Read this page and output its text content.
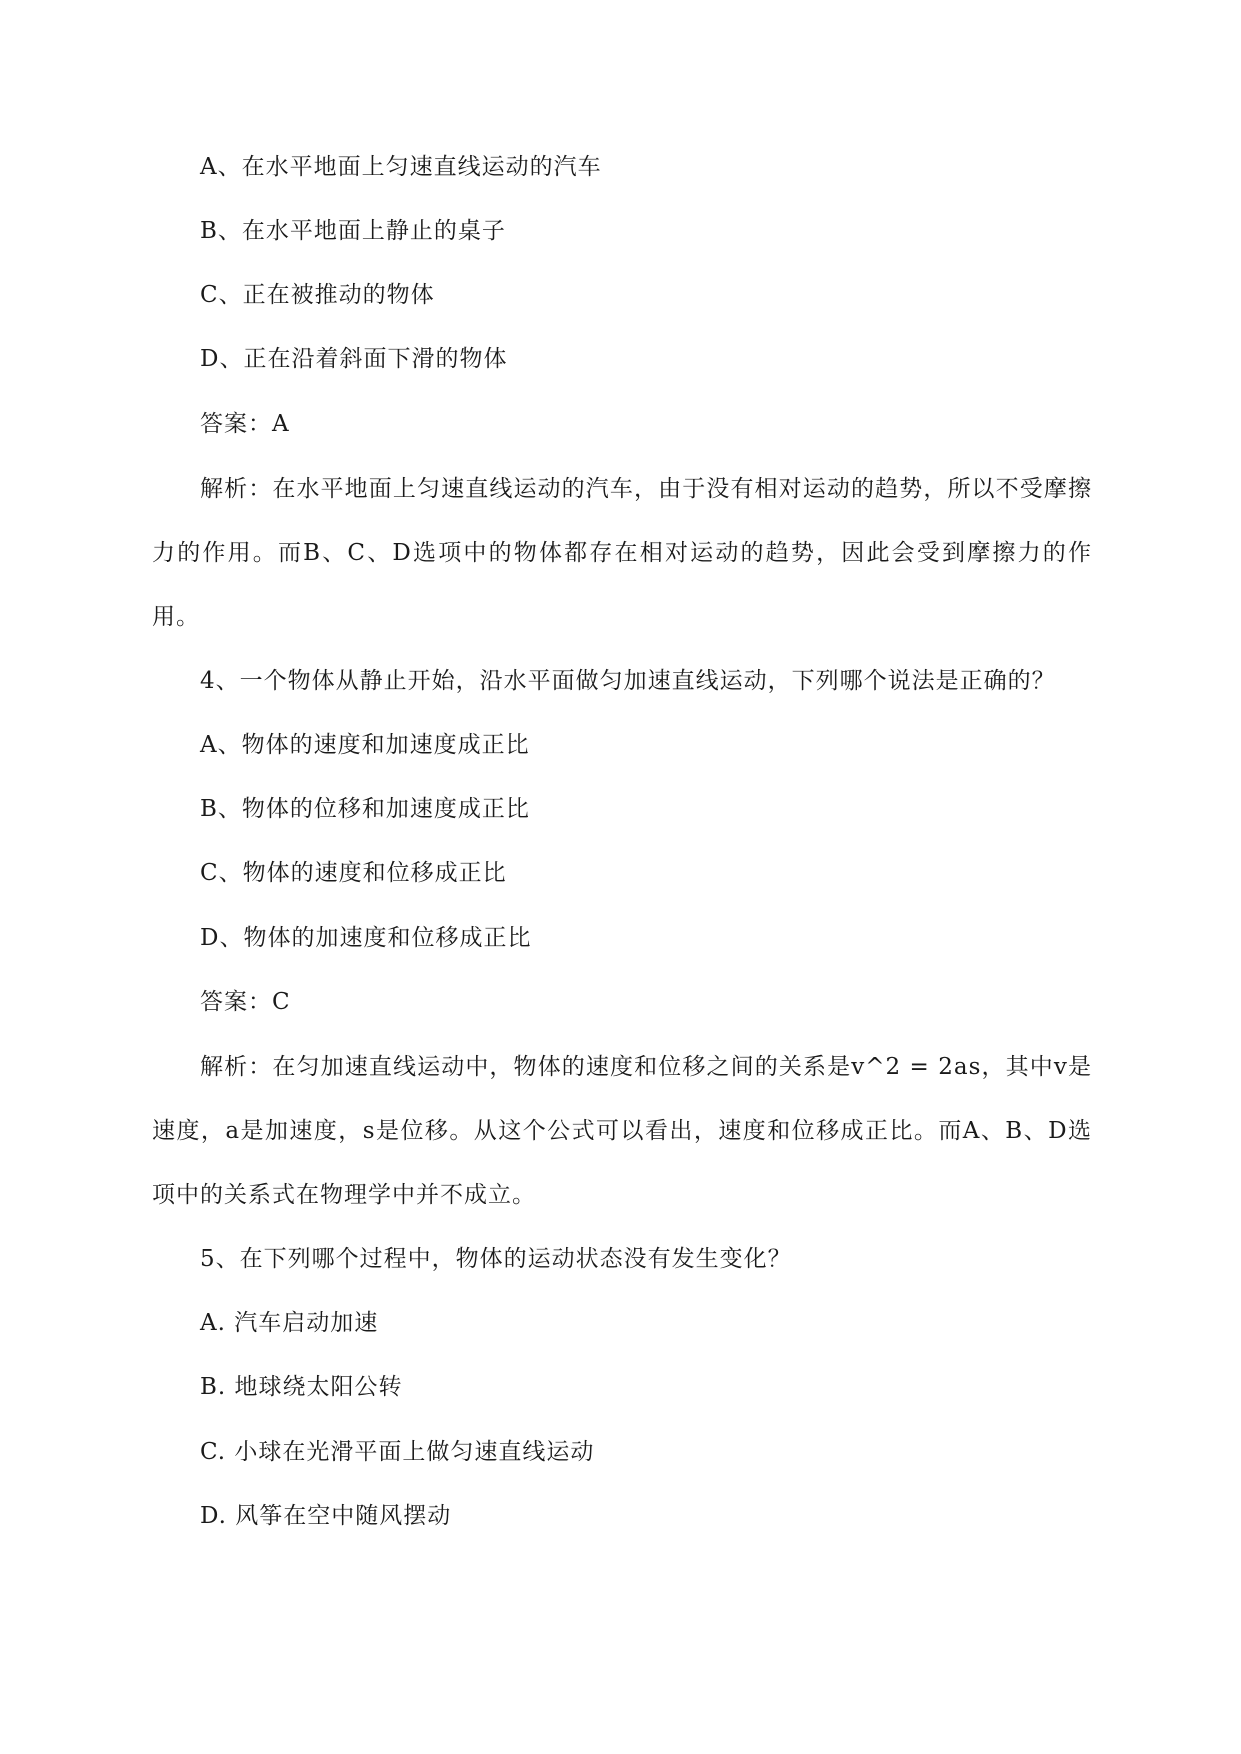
A、在水平地面上匀速直线运动的汽车
B、在水平地面上静止的桌子
C、正在被推动的物体
D、正在沿着斜面下滑的物体
答案：A
解析：在水平地面上匀速直线运动的汽车，由于没有相对运动的趋势，所以不受摩擦力的作用。而B、C、D选项中的物体都存在相对运动的趋势，因此会受到摩擦力的作用。
4、一个物体从静止开始，沿水平面做匀加速直线运动，下列哪个说法是正确的？
A、物体的速度和加速度成正比
B、物体的位移和加速度成正比
C、物体的速度和位移成正比
D、物体的加速度和位移成正比
答案：C
解析：在匀加速直线运动中，物体的速度和位移之间的关系是v^2 = 2as，其中v是速度，a是加速度，s是位移。从这个公式可以看出，速度和位移成正比。而A、B、D选项中的关系式在物理学中并不成立。
5、在下列哪个过程中，物体的运动状态没有发生变化？
A. 汽车启动加速
B. 地球绕太阳公转
C. 小球在光滑平面上做匀速直线运动
D. 风筝在空中随风摆动
